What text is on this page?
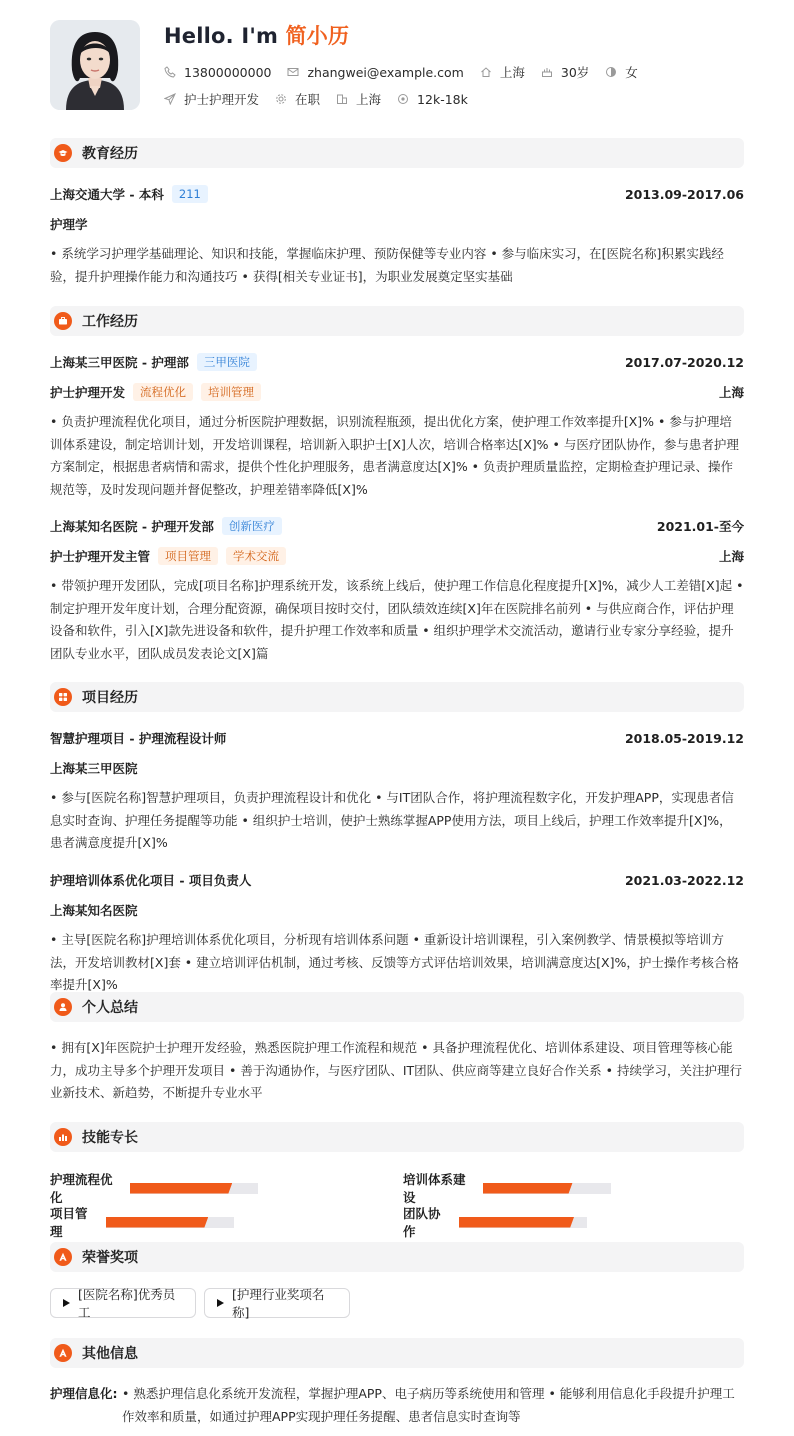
Hello. I'm 简小历
13800000000	zhangwei@example.com	上海	30岁	女
护士护理开发	在职	上海	12k-18k
教育经历
上海交通大学 - 本科	211	2013.09-2017.06
护理学
• 系统学习护理学基础理论、知识和技能，掌握临床护理、预防保健等专业内容 • 参与临床实习，在[医院名称]积累实践经验，提升护理操作能力和沟通技巧 • 获得[相关专业证书]，为职业发展奠定坚实基础
工作经历
上海某三甲医院 - 护理部	三甲医院	2017.07-2020.12
护士护理开发	流程优化	培训管理	上海
• 负责护理流程优化项目，通过分析医院护理数据，识别流程瓶颈，提出优化方案，使护理工作效率提升[X]% • 参与护理培训体系建设，制定培训计划，开发培训课程，培训新入职护士[X]人次，培训合格率达[X]% • 与医疗团队协作，参与患者护理方案制定，根据患者病情和需求，提供个性化护理服务，患者满意度达[X]% • 负责护理质量监控，定期检查护理记录、操作规范等，及时发现问题并督促整改，护理差错率降低[X]%
上海某知名医院 - 护理开发部	创新医疗	2021.01-至今
护士护理开发主管	项目管理	学术交流	上海
• 带领护理开发团队，完成[项目名称]护理系统开发，该系统上线后，使护理工作信息化程度提升[X]%，减少人工差错[X]起 • 制定护理开发年度计划，合理分配资源，确保项目按时交付，团队绩效连续[X]年在医院排名前列 • 与供应商合作，评估护理设备和软件，引入[X]款先进设备和软件，提升护理工作效率和质量 • 组织护理学术交流活动，邀请行业专家分享经验，提升团队专业水平，团队成员发表论文[X]篇
项目经历
智慧护理项目 - 护理流程设计师	2018.05-2019.12
上海某三甲医院
• 参与[医院名称]智慧护理项目，负责护理流程设计和优化 • 与IT团队合作，将护理流程数字化，开发护理APP，实现患者信息实时查询、护理任务提醒等功能 • 组织护士培训，使护士熟练掌握APP使用方法，项目上线后，护理工作效率提升[X]%，患者满意度提升[X]%
护理培训体系优化项目 - 项目负责人	2021.03-2022.12
上海某知名医院
• 主导[医院名称]护理培训体系优化项目，分析现有培训体系问题 • 重新设计培训课程，引入案例教学、情景模拟等培训方法，开发培训教材[X]套 • 建立培训评估机制，通过考核、反馈等方式评估培训效果，培训满意度达[X]%，护士操作考核合格率提升[X]%
个人总结
• 拥有[X]年医院护士护理开发经验，熟悉医院护理工作流程和规范 • 具备护理流程优化、培训体系建设、项目管理等核心能力，成功主导多个护理开发项目 • 善于沟通协作，与医疗团队、IT团队、供应商等建立良好合作关系 • 持续学习，关注护理行业新技术、新趋势，不断提升专业水平
技能专长
护理流程优化
培训体系建设
项目管理
团队协作
荣誉奖项
[医院名称]优秀员工
[护理行业奖项名称]
其他信息
护理信息化: • 熟悉护理信息化系统开发流程，掌握护理APP、电子病历等系统使用和管理 • 能够利用信息化手段提升护理工作效率和质量，如通过护理APP实现护理任务提醒、患者信息实时查询等
